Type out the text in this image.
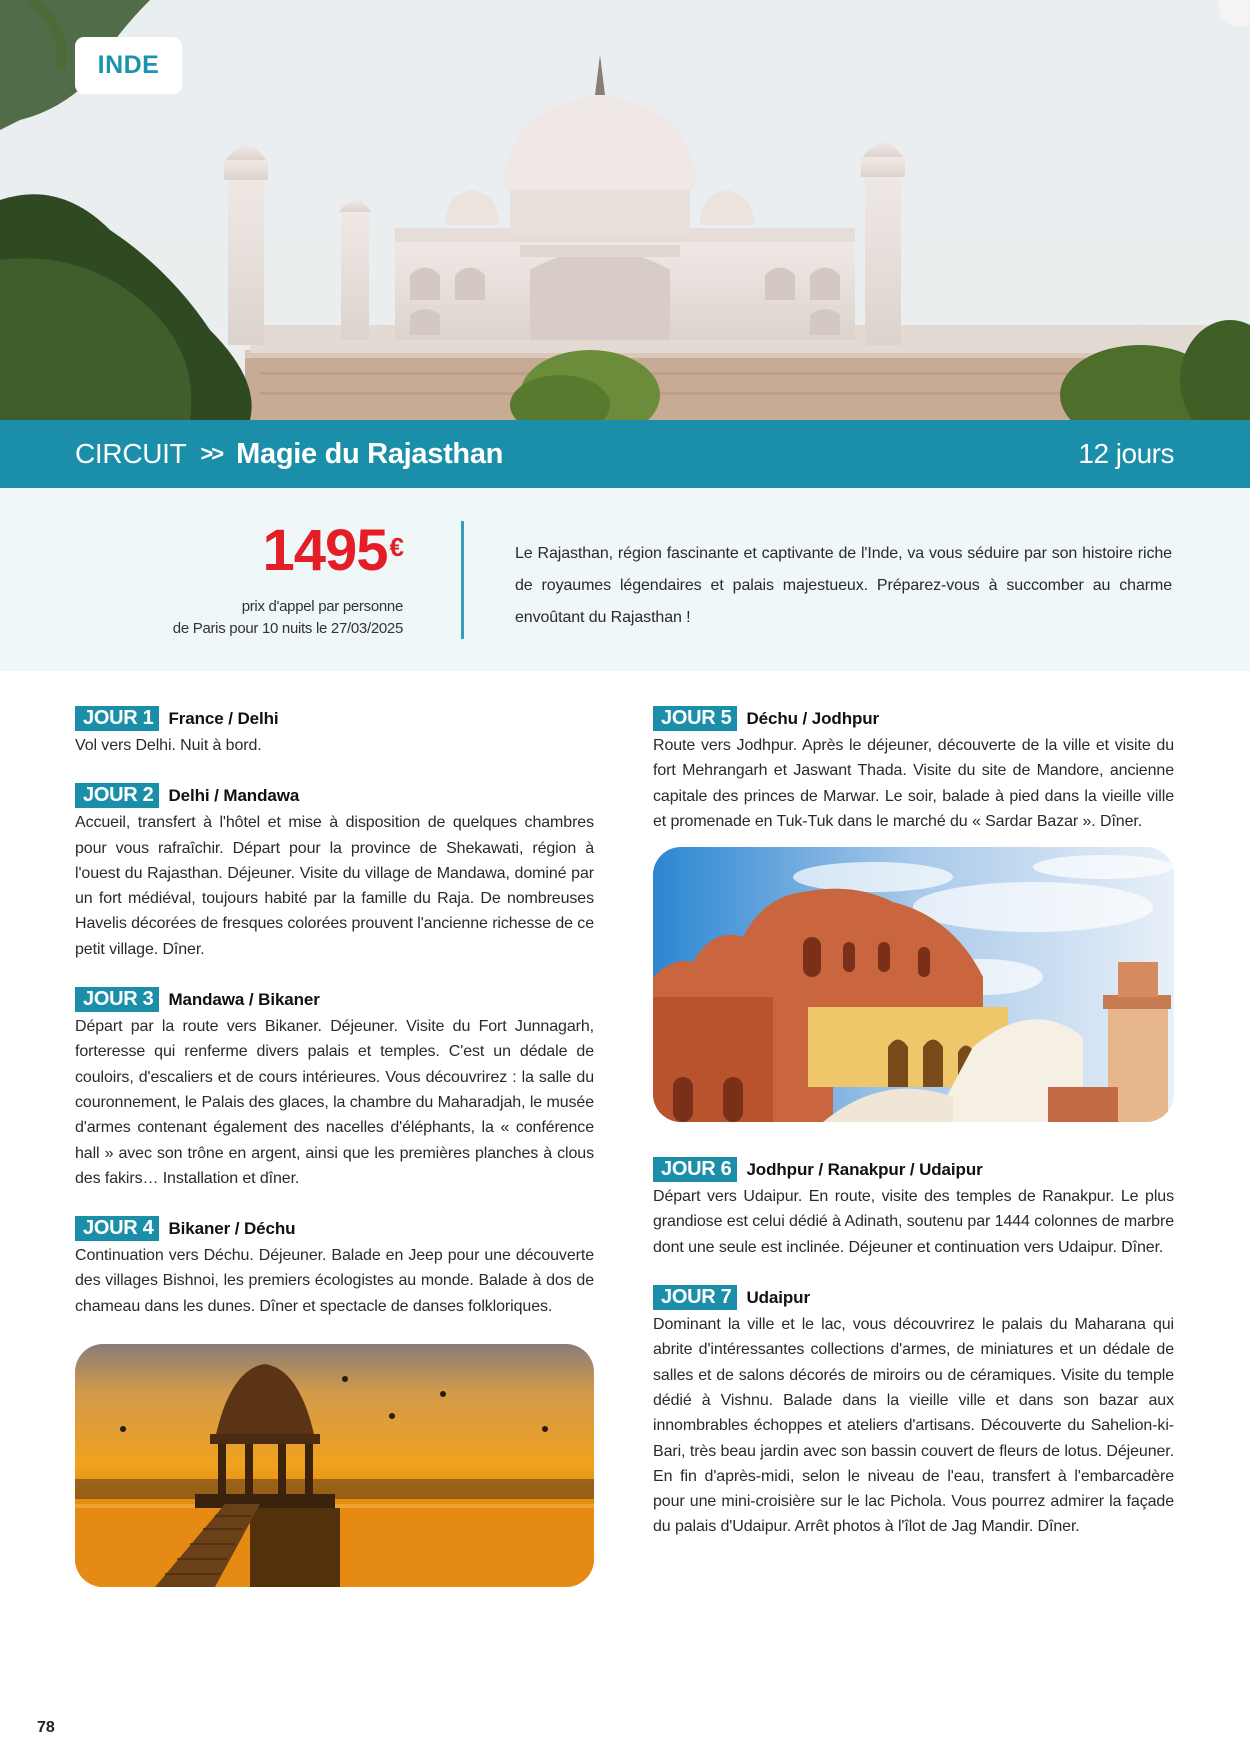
INDE
CIRCUIT >> Magie du Rajasthan	12 jours
1495€
prix d'appel par personne
de Paris pour 10 nuits le 27/03/2025

Le Rajasthan, région fascinante et captivante de l'Inde, va vous séduire par son histoire riche de royaumes légendaires et palais majestueux. Préparez-vous à succomber au charme envoûtant du Rajasthan !

JOUR 1 France / Delhi

Vol vers Delhi. Nuit à bord.

JOUR 2 Delhi / Mandawa

Accueil, transfert à l'hôtel et mise à disposition de quelques chambres pour vous rafraîchir. Départ pour la province de Shekawati, région à l'ouest du Rajasthan. Déjeuner. Visite du village de Mandawa, dominé par un fort médiéval, toujours habité par la famille du Raja. De nombreuses Havelis décorées de fresques colorées prouvent l'ancienne richesse de ce petit village. Dîner.

JOUR 3 Mandawa / Bikaner

Départ par la route vers Bikaner. Déjeuner. Visite du Fort Junnagarh, forteresse qui renferme divers palais et temples. C'est un dédale de couloirs, d'escaliers et de cours intérieures. Vous découvrirez : la salle du couronnement, le Palais des glaces, la chambre du Maharadjah, le musée d'armes contenant également des nacelles d'éléphants, la « conférence hall » avec son trône en argent, ainsi que les premières planches à clous des fakirs… Installation et dîner.

JOUR 4 Bikaner / Déchu

Continuation vers Déchu. Déjeuner. Balade en Jeep pour une découverte des villages Bishnoi, les premiers écologistes au monde. Balade à dos de chameau dans les dunes. Dîner et spectacle de danses folkloriques.

JOUR 5 Déchu / Jodhpur

Route vers Jodhpur. Après le déjeuner, découverte de la ville et visite du fort Mehrangarh et Jaswant Thada. Visite du site de Mandore, ancienne capitale des princes de Marwar. Le soir, balade à pied dans la vieille ville et promenade en Tuk-Tuk dans le marché du « Sardar Bazar ». Dîner.

JOUR 6 Jodhpur / Ranakpur / Udaipur

Départ vers Udaipur. En route, visite des temples de Ranakpur. Le plus grandiose est celui dédié à Adinath, soutenu par 1444 colonnes de marbre dont une seule est inclinée. Déjeuner et continuation vers Udaipur. Dîner.

JOUR 7 Udaipur

Dominant la ville et le lac, vous découvrirez le palais du Maharana qui abrite d'intéressantes collections d'armes, de miniatures et un dédale de salles et de salons décorés de miroirs ou de céramiques. Visite du temple dédié à Vishnu. Balade dans la vieille ville et dans son bazar aux innombrables échoppes et ateliers d'artisans. Découverte du Sahelion-ki-Bari, très beau jardin avec son bassin couvert de fleurs de lotus. Déjeuner. En fin d'après-midi, selon le niveau de l'eau, transfert à l'embarcadère pour une mini-croisière sur le lac Pichola. Vous pourrez admirer la façade du palais d'Udaipur. Arrêt photos à l'îlot de Jag Mandir. Dîner.

78
